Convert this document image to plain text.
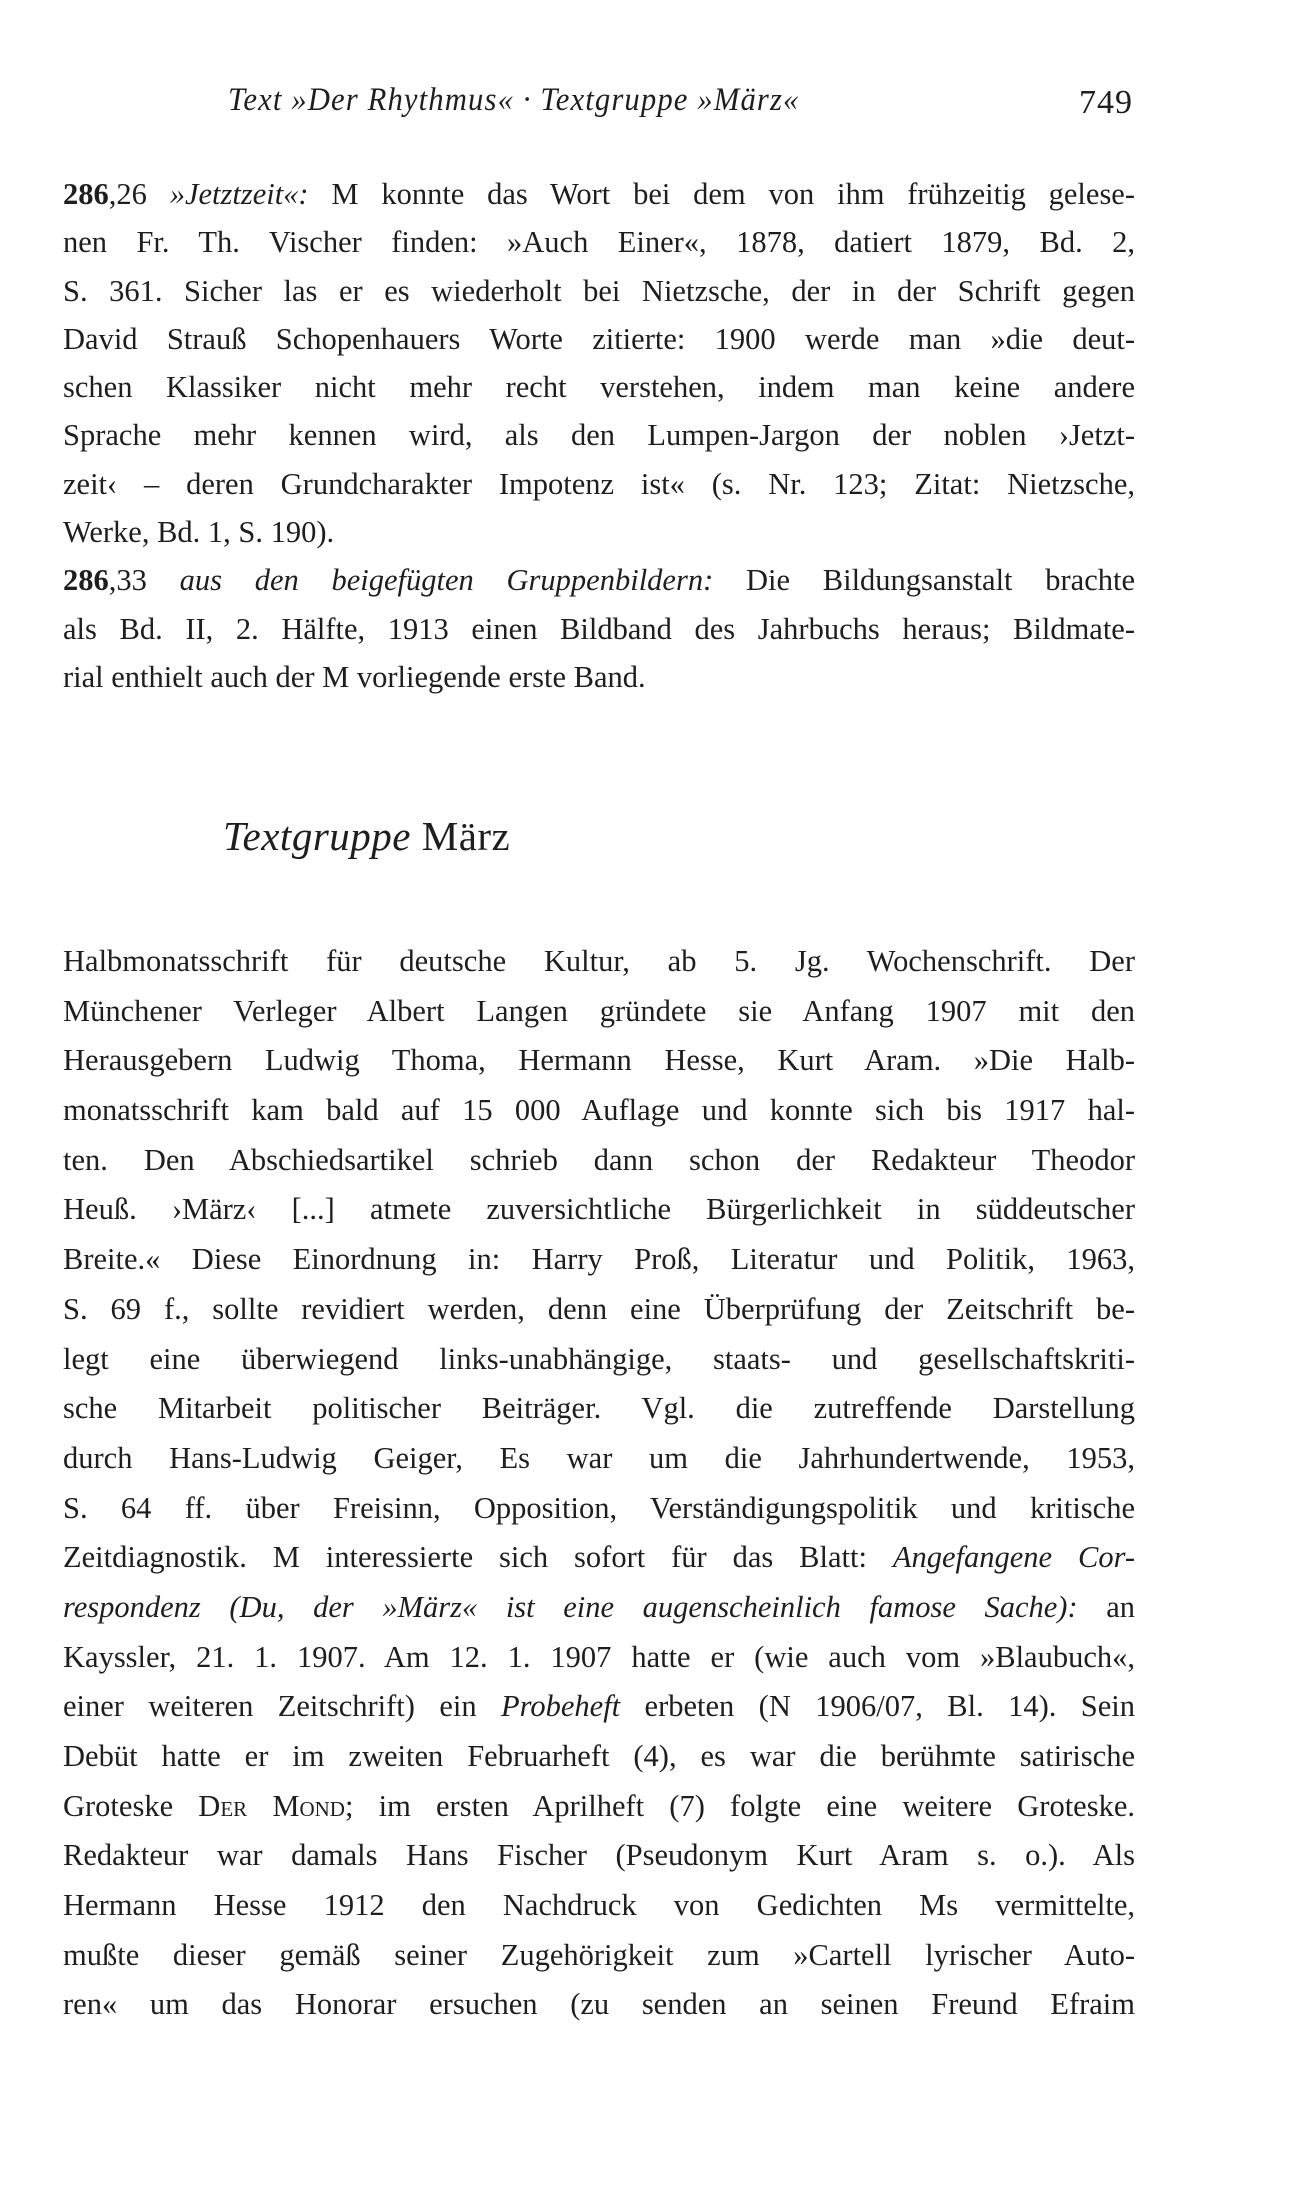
Text »Der Rhythmus« · Textgruppe »März«	749
286,26 »Jetztzeit«: M konnte das Wort bei dem von ihm frühzeitig gelese-
nen Fr. Th. Vischer finden: »Auch Einer«, 1878, datiert 1879, Bd. 2,
S. 361. Sicher las er es wiederholt bei Nietzsche, der in der Schrift gegen
David Strauß Schopenhauers Worte zitierte: 1900 werde man »die deut-
schen Klassiker nicht mehr recht verstehen, indem man keine andere
Sprache mehr kennen wird, als den Lumpen-Jargon der noblen ›Jetzt-
zeit‹ – deren Grundcharakter Impotenz ist« (s. Nr. 123; Zitat: Nietzsche,
Werke, Bd. 1, S. 190).
286,33 aus den beigefügten Gruppenbildern: Die Bildungsanstalt brachte
als Bd. II, 2. Hälfte, 1913 einen Bildband des Jahrbuchs heraus; Bildmate-
rial enthielt auch der M vorliegende erste Band.
Textgruppe März
Halbmonatsschrift für deutsche Kultur, ab 5. Jg. Wochenschrift. Der
Münchener Verleger Albert Langen gründete sie Anfang 1907 mit den
Herausgebern Ludwig Thoma, Hermann Hesse, Kurt Aram. »Die Halb-
monatsschrift kam bald auf 15 000 Auflage und konnte sich bis 1917 hal-
ten. Den Abschiedsartikel schrieb dann schon der Redakteur Theodor
Heuß. ›März‹ [...] atmete zuversichtliche Bürgerlichkeit in süddeutscher
Breite.« Diese Einordnung in: Harry Proß, Literatur und Politik, 1963,
S. 69 f., sollte revidiert werden, denn eine Überprüfung der Zeitschrift be-
legt eine überwiegend links-unabhängige, staats- und gesellschaftskriti-
sche Mitarbeit politischer Beiträger. Vgl. die zutreffende Darstellung
durch Hans-Ludwig Geiger, Es war um die Jahrhundertwende, 1953,
S. 64 ff. über Freisinn, Opposition, Verständigungspolitik und kritische
Zeitdiagnostik. M interessierte sich sofort für das Blatt: Angefangene Cor-
respondenz (Du, der »März« ist eine augenscheinlich famose Sache): an
Kayssler, 21. 1. 1907. Am 12. 1. 1907 hatte er (wie auch vom »Blaubuch«,
einer weiteren Zeitschrift) ein Probeheft erbeten (N 1906/07, Bl. 14). Sein
Debüt hatte er im zweiten Februarheft (4), es war die berühmte satirische
Groteske Der Mond; im ersten Aprilheft (7) folgte eine weitere Groteske.
Redakteur war damals Hans Fischer (Pseudonym Kurt Aram s. o.). Als
Hermann Hesse 1912 den Nachdruck von Gedichten Ms vermittelte,
mußte dieser gemäß seiner Zugehörigkeit zum »Cartell lyrischer Auto-
ren« um das Honorar ersuchen (zu senden an seinen Freund Efraim
